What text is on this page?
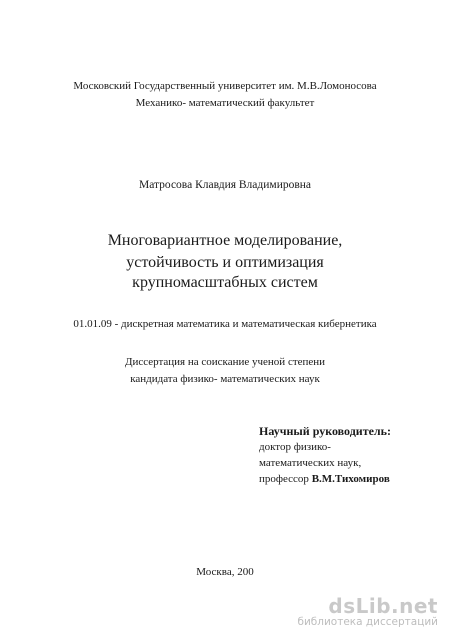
Московский Государственный университет им. М.В.Ломоносова
Механико- математический факультет
Матросова Клавдия Владимировна
Многовариантное моделирование,
устойчивость и оптимизация
крупномасштабных систем
01.01.09 - дискретная математика и математическая кибернетика
Диссертация на соискание ученой степени
кандидата физико- математических наук
Научный руководитель:
доктор физико-
математических наук,
профессор В.М.Тихомиров
Москва, 200
dsLib.net
библиотека диссертаций
